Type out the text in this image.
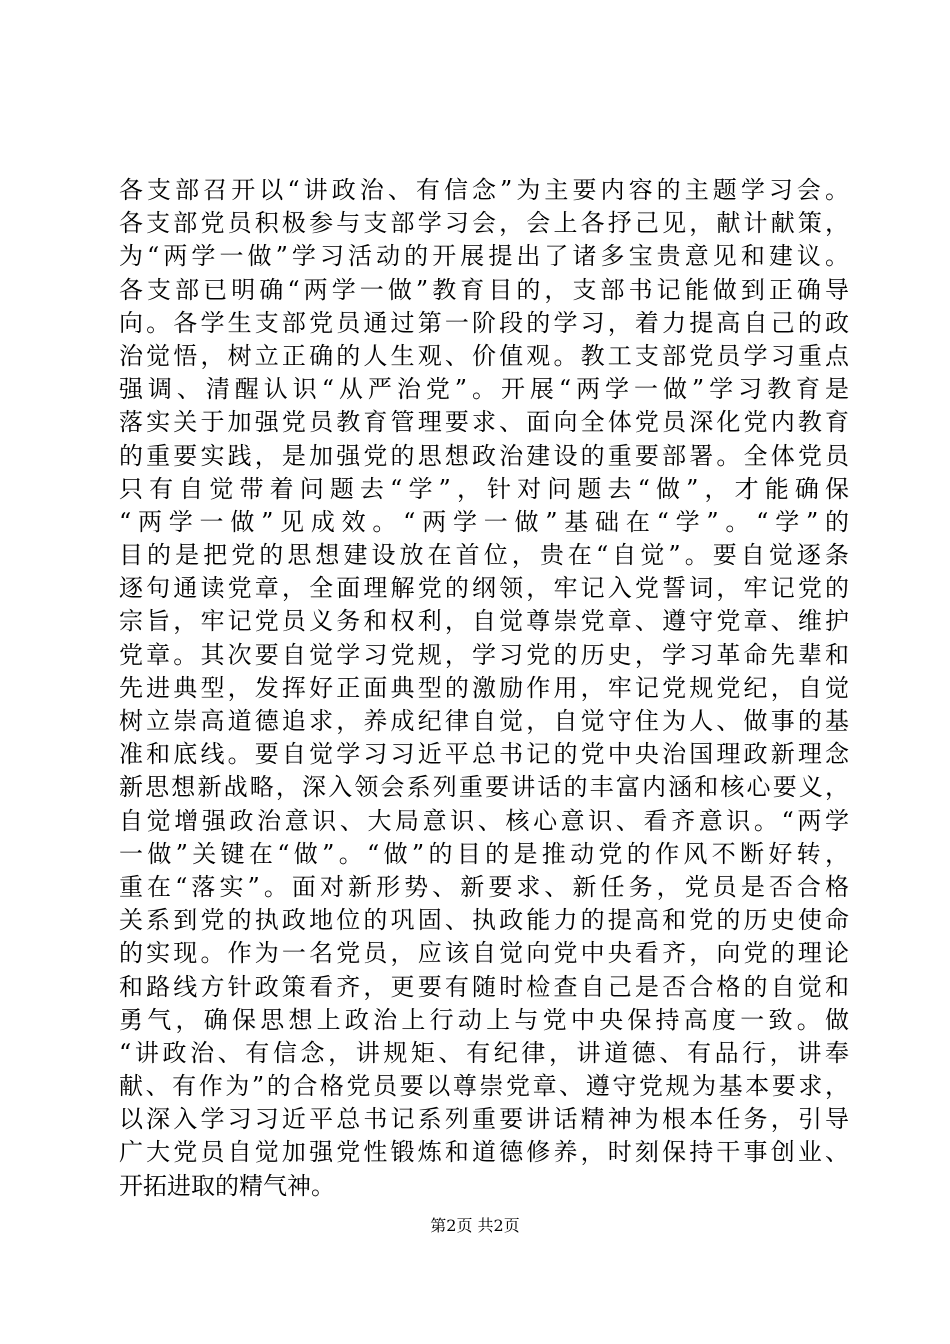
各支部召开以“讲政治、有信念”为主要内容的主题学习会。
各支部党员积极参与支部学习会，会上各抒己见，献计献策，
为“两学一做”学习活动的开展提出了诸多宝贵意见和建议。
各支部已明确“两学一做”教育目的，支部书记能做到正确导
向。各学生支部党员通过第一阶段的学习，着力提高自己的政
治觉悟，树立正确的人生观、价值观。教工支部党员学习重点
强调、清醒认识“从严治党”。开展“两学一做”学习教育是
落实关于加强党员教育管理要求、面向全体党员深化党内教育
的重要实践，是加强党的思想政治建设的重要部署。全体党员
只有自觉带着问题去“学”，针对问题去“做”，才能确保
“两学一做”见成效。“两学一做”基础在“学”。“学”的
目的是把党的思想建设放在首位，贵在“自觉”。要自觉逐条
逐句通读党章，全面理解党的纲领，牢记入党誓词，牢记党的
宗旨，牢记党员义务和权利，自觉尊崇党章、遵守党章、维护
党章。其次要自觉学习党规，学习党的历史，学习革命先辈和
先进典型，发挥好正面典型的激励作用，牢记党规党纪，自觉
树立崇高道德追求，养成纪律自觉，自觉守住为人、做事的基
准和底线。要自觉学习习近平总书记的党中央治国理政新理念
新思想新战略，深入领会系列重要讲话的丰富内涵和核心要义，
自觉增强政治意识、大局意识、核心意识、看齐意识。“两学
一做”关键在“做”。“做”的目的是推动党的作风不断好转，
重在“落实”。面对新形势、新要求、新任务，党员是否合格
关系到党的执政地位的巩固、执政能力的提高和党的历史使命
的实现。作为一名党员，应该自觉向党中央看齐，向党的理论
和路线方针政策看齐，更要有随时检查自己是否合格的自觉和
勇气，确保思想上政治上行动上与党中央保持高度一致。做
“讲政治、有信念，讲规矩、有纪律，讲道德、有品行，讲奉
献、有作为”的合格党员要以尊崇党章、遵守党规为基本要求，
以深入学习习近平总书记系列重要讲话精神为根本任务，引导
广大党员自觉加强党性锻炼和道德修养，时刻保持干事创业、
开拓进取的精气神。
第2页 共2页
